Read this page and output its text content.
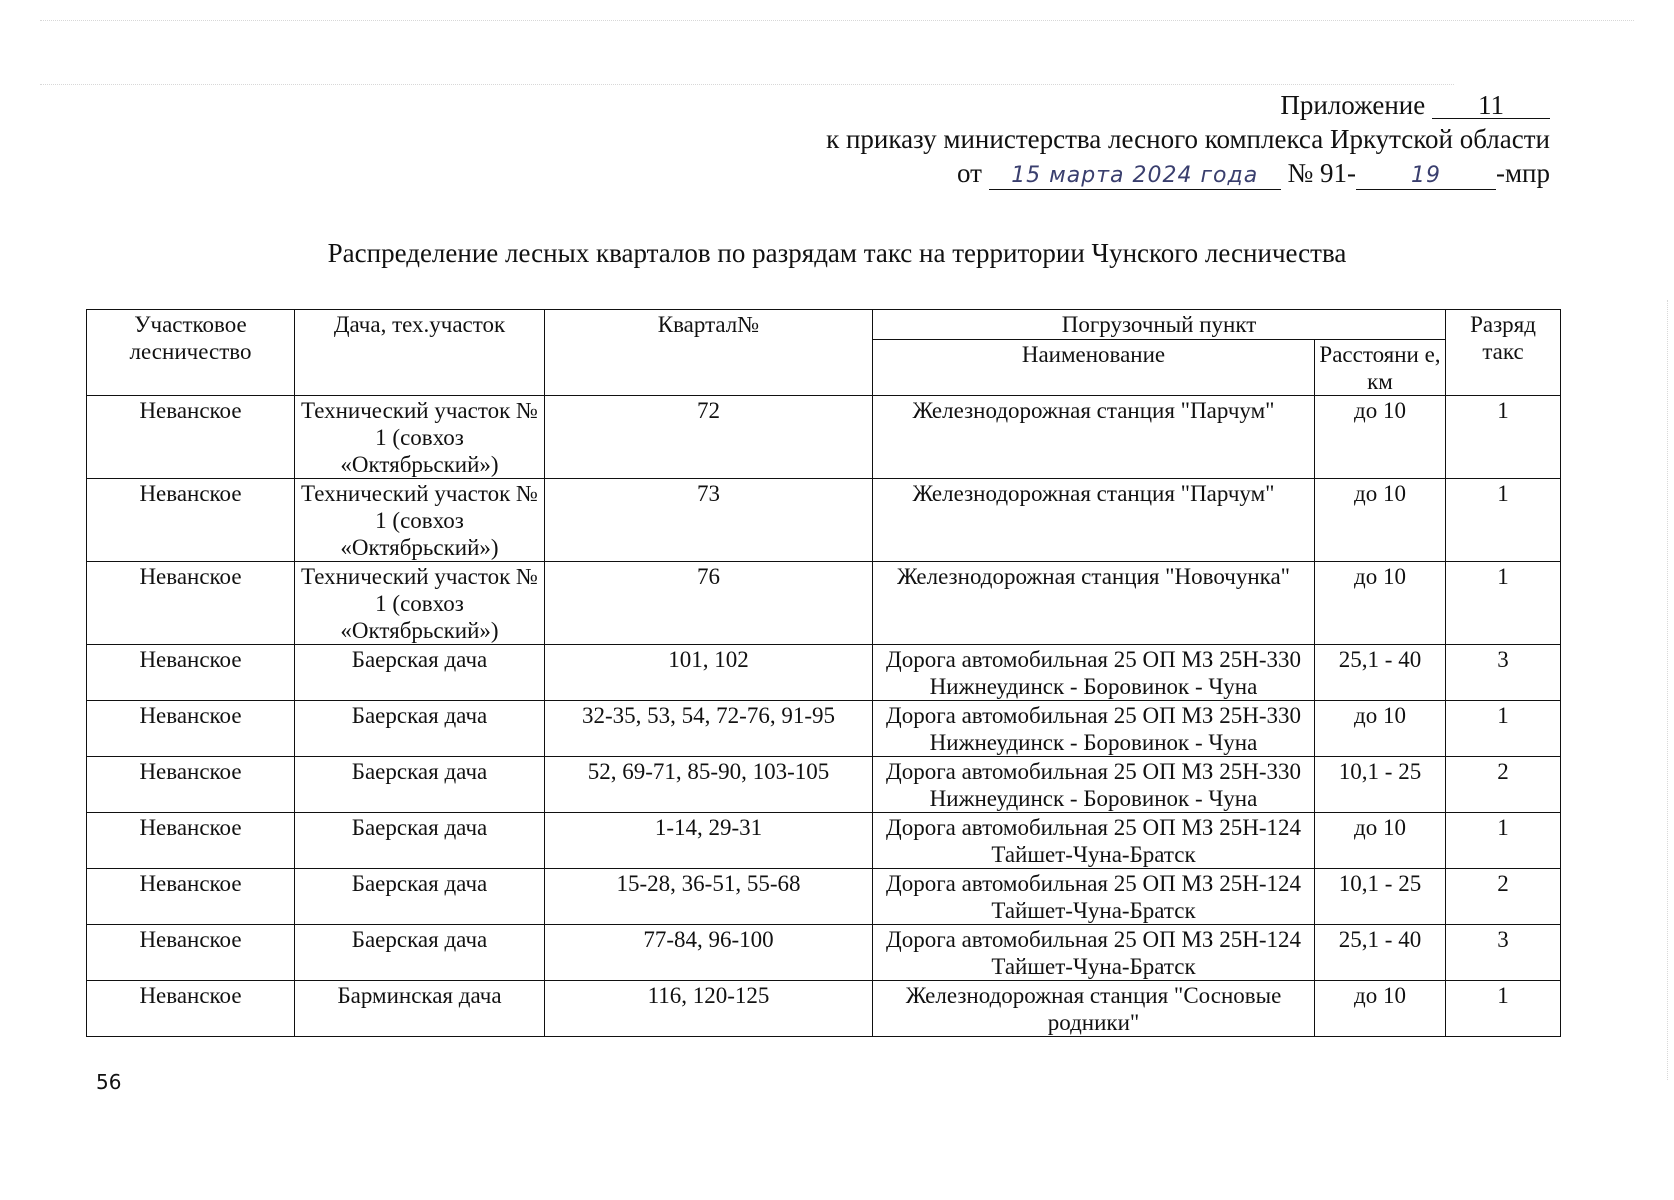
Приложение 11
к приказу министерства лесного комплекса Иркутской области
от 15 марта 2024 года № 91-	19 -мпр
Распределение лесных кварталов по разрядам такс на территории Чунского лесничества
Участковое лесничество	Дача, тех.участок	Квартал№	Погрузочный пункт		Разряд такс
			Наименование	Расстояни е, км	
Неванское	Технический участок № 1 (совхоз «Октябрьский»)	72	Железнодорожная станция "Парчум"	до 10	1
Неванское	Технический участок № 1 (совхоз «Октябрьский»)	73	Железнодорожная станция "Парчум"	до 10	1
Неванское	Технический участок № 1 (совхоз «Октябрьский»)	76	Железнодорожная станция "Новочунка"	до 10	1
Неванское	Баерская дача	101, 102	Дорога автомобильная 25 ОП МЗ 25Н-330 Нижнеудинск - Боровинок - Чуна	25,1 - 40	3
Неванское	Баерская дача	32-35, 53, 54, 72-76, 91-95	Дорога автомобильная 25 ОП МЗ 25Н-330 Нижнеудинск - Боровинок - Чуна	до 10	1
Неванское	Баерская дача	52, 69-71, 85-90, 103-105	Дорога автомобильная 25 ОП МЗ 25Н-330 Нижнеудинск - Боровинок - Чуна	10,1 - 25	2
Неванское	Баерская дача	1-14, 29-31	Дорога автомобильная 25 ОП МЗ 25Н-124 Тайшет-Чуна-Братск	до 10	1
Неванское	Баерская дача	15-28, 36-51, 55-68	Дорога автомобильная 25 ОП МЗ 25Н-124 Тайшет-Чуна-Братск	10,1 - 25	2
Неванское	Баерская дача	77-84, 96-100	Дорога автомобильная 25 ОП МЗ 25Н-124 Тайшет-Чуна-Братск	25,1 - 40	3
Неванское	Барминская дача	116, 120-125	Железнодорожная станция "Сосновые родники"	до 10	1
56
